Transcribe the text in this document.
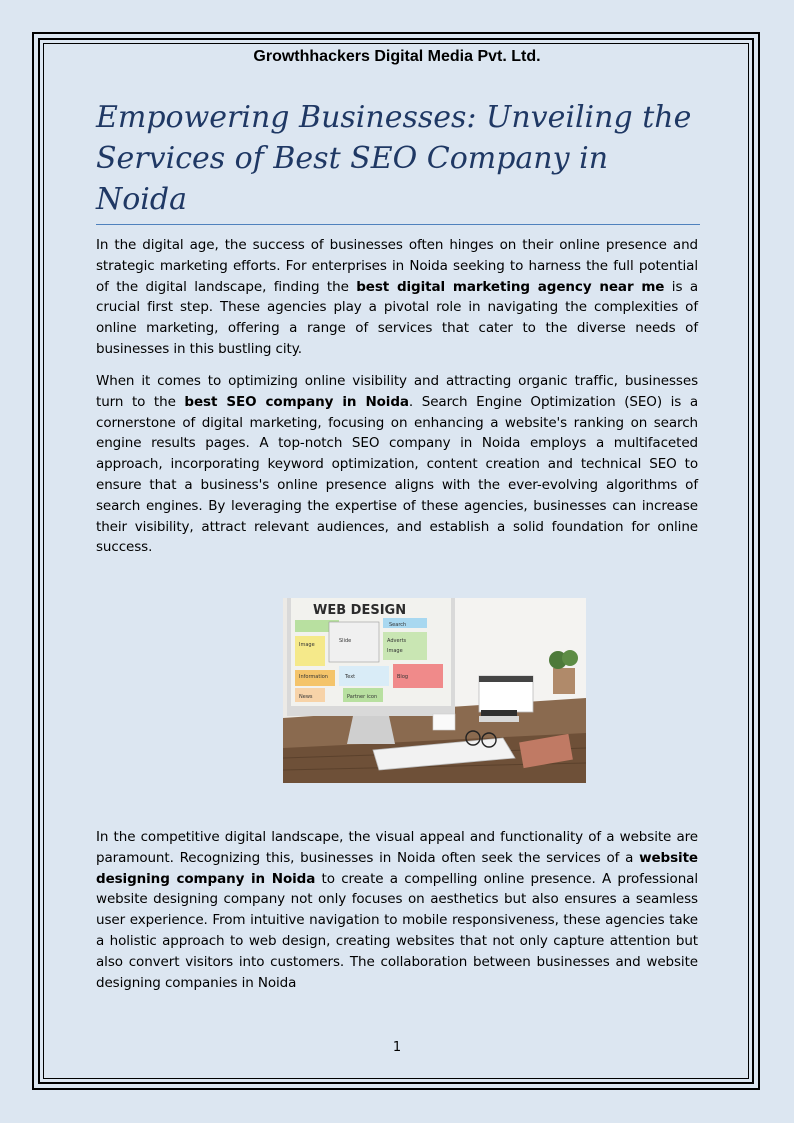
Growthhackers Digital Media Pvt. Ltd.
Empowering Businesses: Unveiling the Services of Best SEO Company in Noida

In the digital age, the success of businesses often hinges on their online presence and strategic marketing efforts. For enterprises in Noida seeking to harness the full potential of the digital landscape, finding the best digital marketing agency near me is a crucial first step. These agencies play a pivotal role in navigating the complexities of online marketing, offering a range of services that cater to the diverse needs of businesses in this bustling city.

When it comes to optimizing online visibility and attracting organic traffic, businesses turn to the best SEO company in Noida. Search Engine Optimization (SEO) is a cornerstone of digital marketing, focusing on enhancing a website's ranking on search engine results pages. A top-notch SEO company in Noida employs a multifaceted approach, incorporating keyword optimization, content creation and technical SEO to ensure that a business's online presence aligns with the ever-evolving algorithms of search engines. By leveraging the expertise of these agencies, businesses can increase their visibility, attract relevant audiences, and establish a solid foundation for online success.

WEB DESIGN
Search
Image
Slide	Adverts
Image
Information	Text	Blog
News	Partner icon

In the competitive digital landscape, the visual appeal and functionality of a website are paramount. Recognizing this, businesses in Noida often seek the services of a website designing company in Noida to create a compelling online presence. A professional website designing company not only focuses on aesthetics but also ensures a seamless user experience. From intuitive navigation to mobile responsiveness, these agencies take a holistic approach to web design, creating websites that not only capture attention but also convert visitors into customers. The collaboration between businesses and website designing companies in Noida

1
